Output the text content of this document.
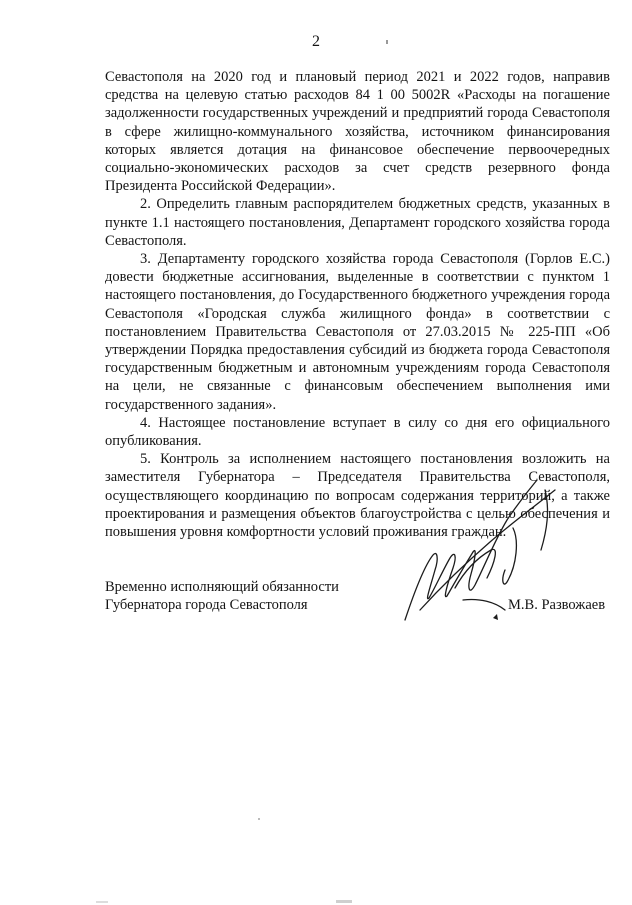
2

Севастополя на 2020 год и плановый период 2021 и 2022 годов, направив средства на целевую статью расходов 84 1 00 5002R «Расходы на погашение задолженности государственных учреждений и предприятий города Севастополя в сфере жилищно-коммунального хозяйства, источником финансирования которых является дотация на финансовое обеспечение первоочередных социально-экономических расходов за счет средств резервного фонда Президента Российской Федерации».

2. Определить главным распорядителем бюджетных средств, указанных в пункте 1.1 настоящего постановления, Департамент городского хозяйства города Севастополя.

3. Департаменту городского хозяйства города Севастополя (Горлов Е.С.) довести бюджетные ассигнования, выделенные в соответствии с пунктом 1 настоящего постановления, до Государственного бюджетного учреждения города Севастополя «Городская служба жилищного фонда» в соответствии с постановлением Правительства Севастополя от 27.03.2015 № 225-ПП «Об утверждении Порядка предоставления субсидий из бюджета города Севастополя государственным бюджетным и автономным учреждениям города Севастополя на цели, не связанные с финансовым обеспечением выполнения ими государственного задания».

4. Настоящее постановление вступает в силу со дня его официального опубликования.

5. Контроль за исполнением настоящего постановления возложить на заместителя Губернатора – Председателя Правительства Севастополя, осуществляющего координацию по вопросам содержания территорий, а также проектирования и размещения объектов благоустройства с целью обеспечения и повышения уровня комфортности условий проживания граждан.

Временно исполняющий обязанности
Губернатора города Севастополя	М.В. Развожаев
